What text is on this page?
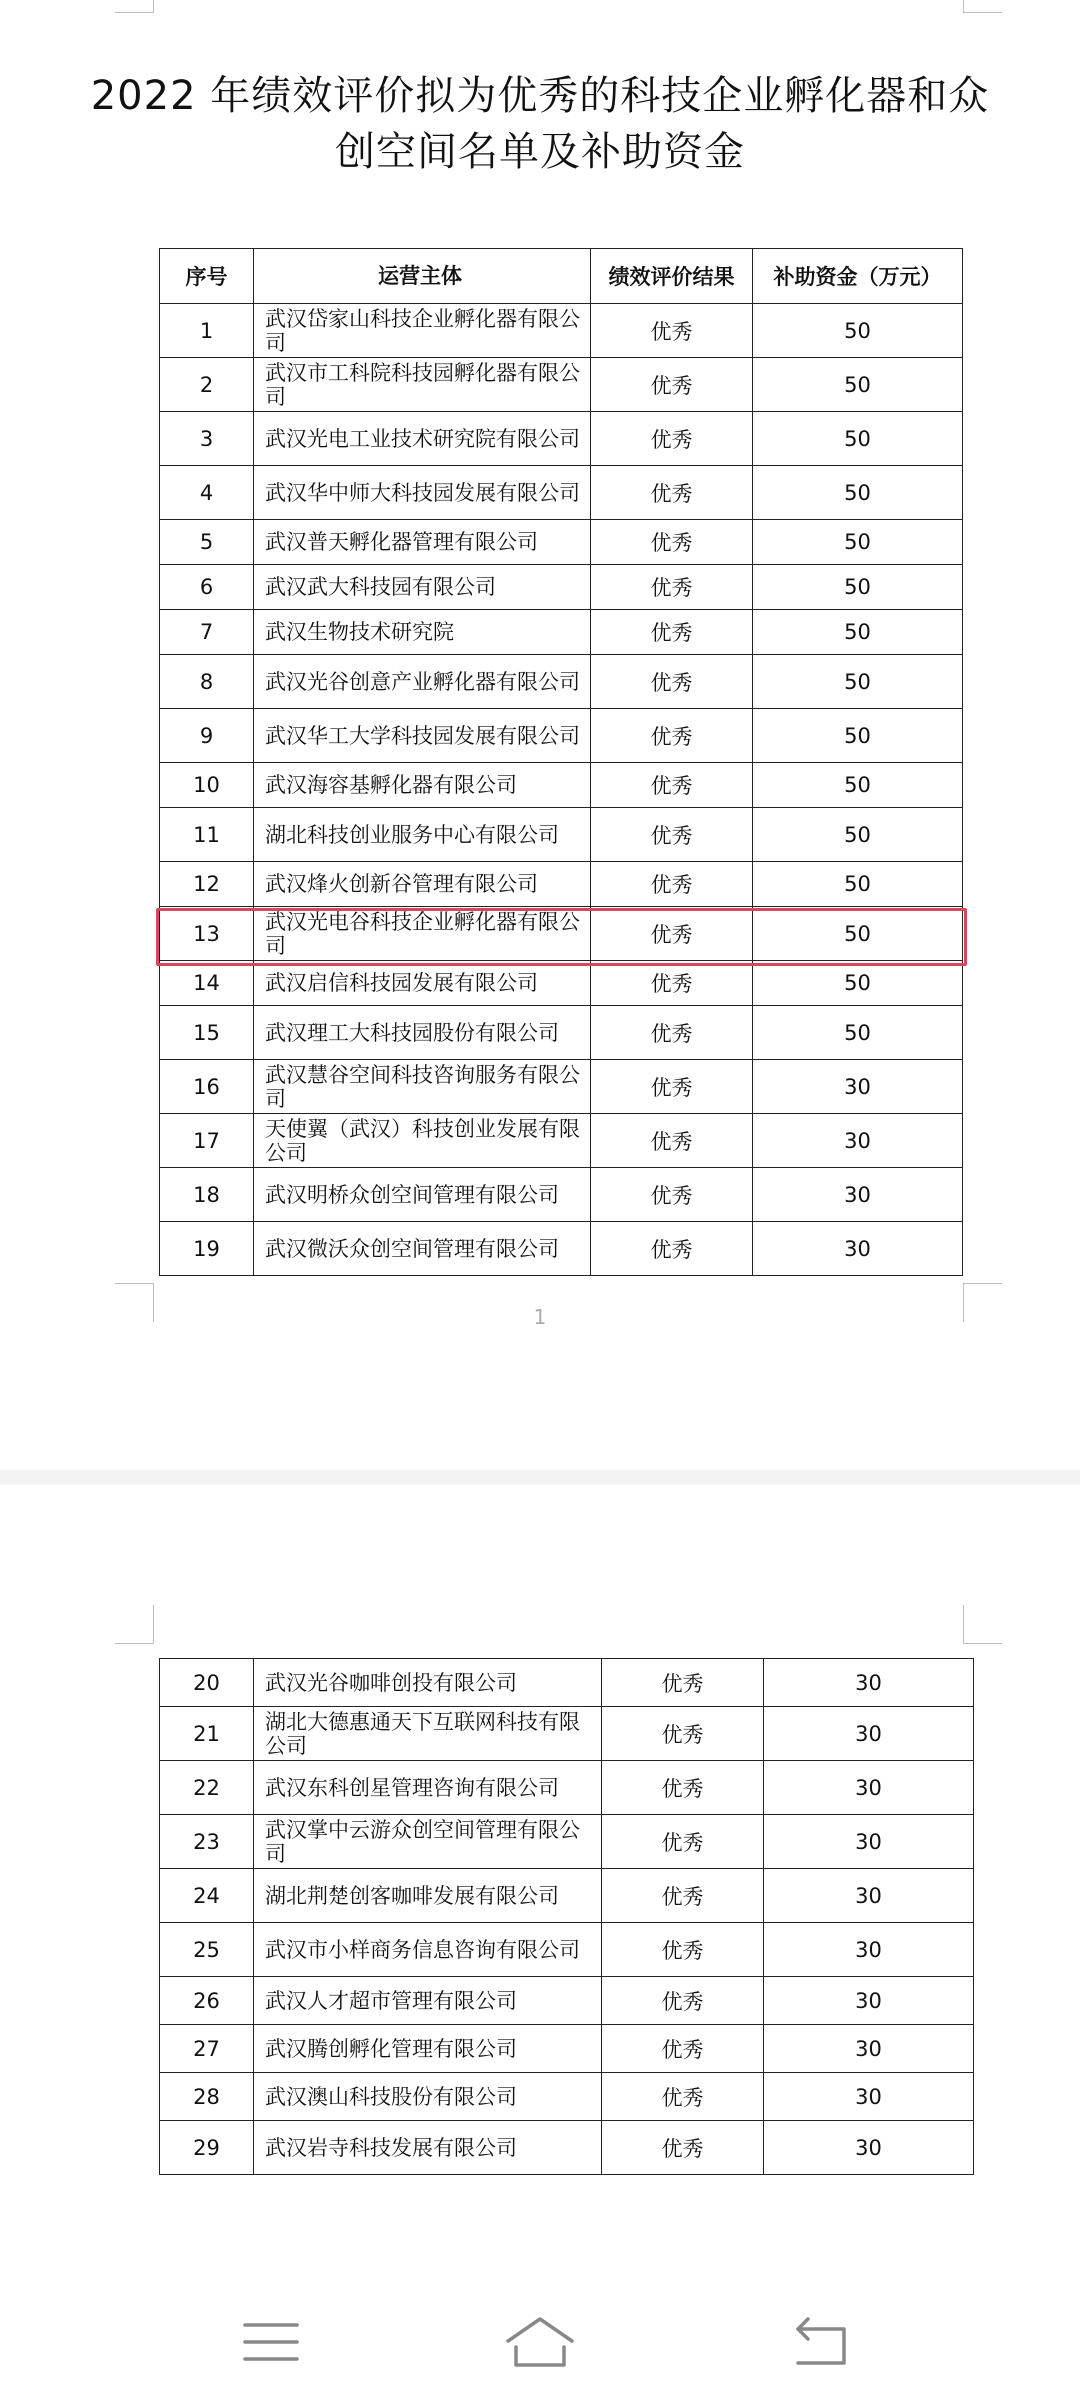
2022 年绩效评价拟为优秀的科技企业孵化器和众创空间名单及补助资金
序号	运营主体	绩效评价结果	补助资金（万元）
1	武汉岱家山科技企业孵化器有限公司	优秀	50
2	武汉市工科院科技园孵化器有限公司	优秀	50
3	武汉光电工业技术研究院有限公司	优秀	50
4	武汉华中师大科技园发展有限公司	优秀	50
5	武汉普天孵化器管理有限公司	优秀	50
6	武汉武大科技园有限公司	优秀	50
7	武汉生物技术研究院	优秀	50
8	武汉光谷创意产业孵化器有限公司	优秀	50
9	武汉华工大学科技园发展有限公司	优秀	50
10	武汉海容基孵化器有限公司	优秀	50
11	湖北科技创业服务中心有限公司	优秀	50
12	武汉烽火创新谷管理有限公司	优秀	50
13	武汉光电谷科技企业孵化器有限公司	优秀	50
14	武汉启信科技园发展有限公司	优秀	50
15	武汉理工大科技园股份有限公司	优秀	50
16	武汉慧谷空间科技咨询服务有限公司	优秀	30
17	天使翼（武汉）科技创业发展有限公司	优秀	30
18	武汉明桥众创空间管理有限公司	优秀	30
19	武汉微沃众创空间管理有限公司	优秀	30
1
20	武汉光谷咖啡创投有限公司	优秀	30
21	湖北大德惠通天下互联网科技有限公司	优秀	30
22	武汉东科创星管理咨询有限公司	优秀	30
23	武汉掌中云游众创空间管理有限公司	优秀	30
24	湖北荆楚创客咖啡发展有限公司	优秀	30
25	武汉市小样商务信息咨询有限公司	优秀	30
26	武汉人才超市管理有限公司	优秀	30
27	武汉腾创孵化管理有限公司	优秀	30
28	武汉澳山科技股份有限公司	优秀	30
29	武汉岩寺科技发展有限公司	优秀	30
